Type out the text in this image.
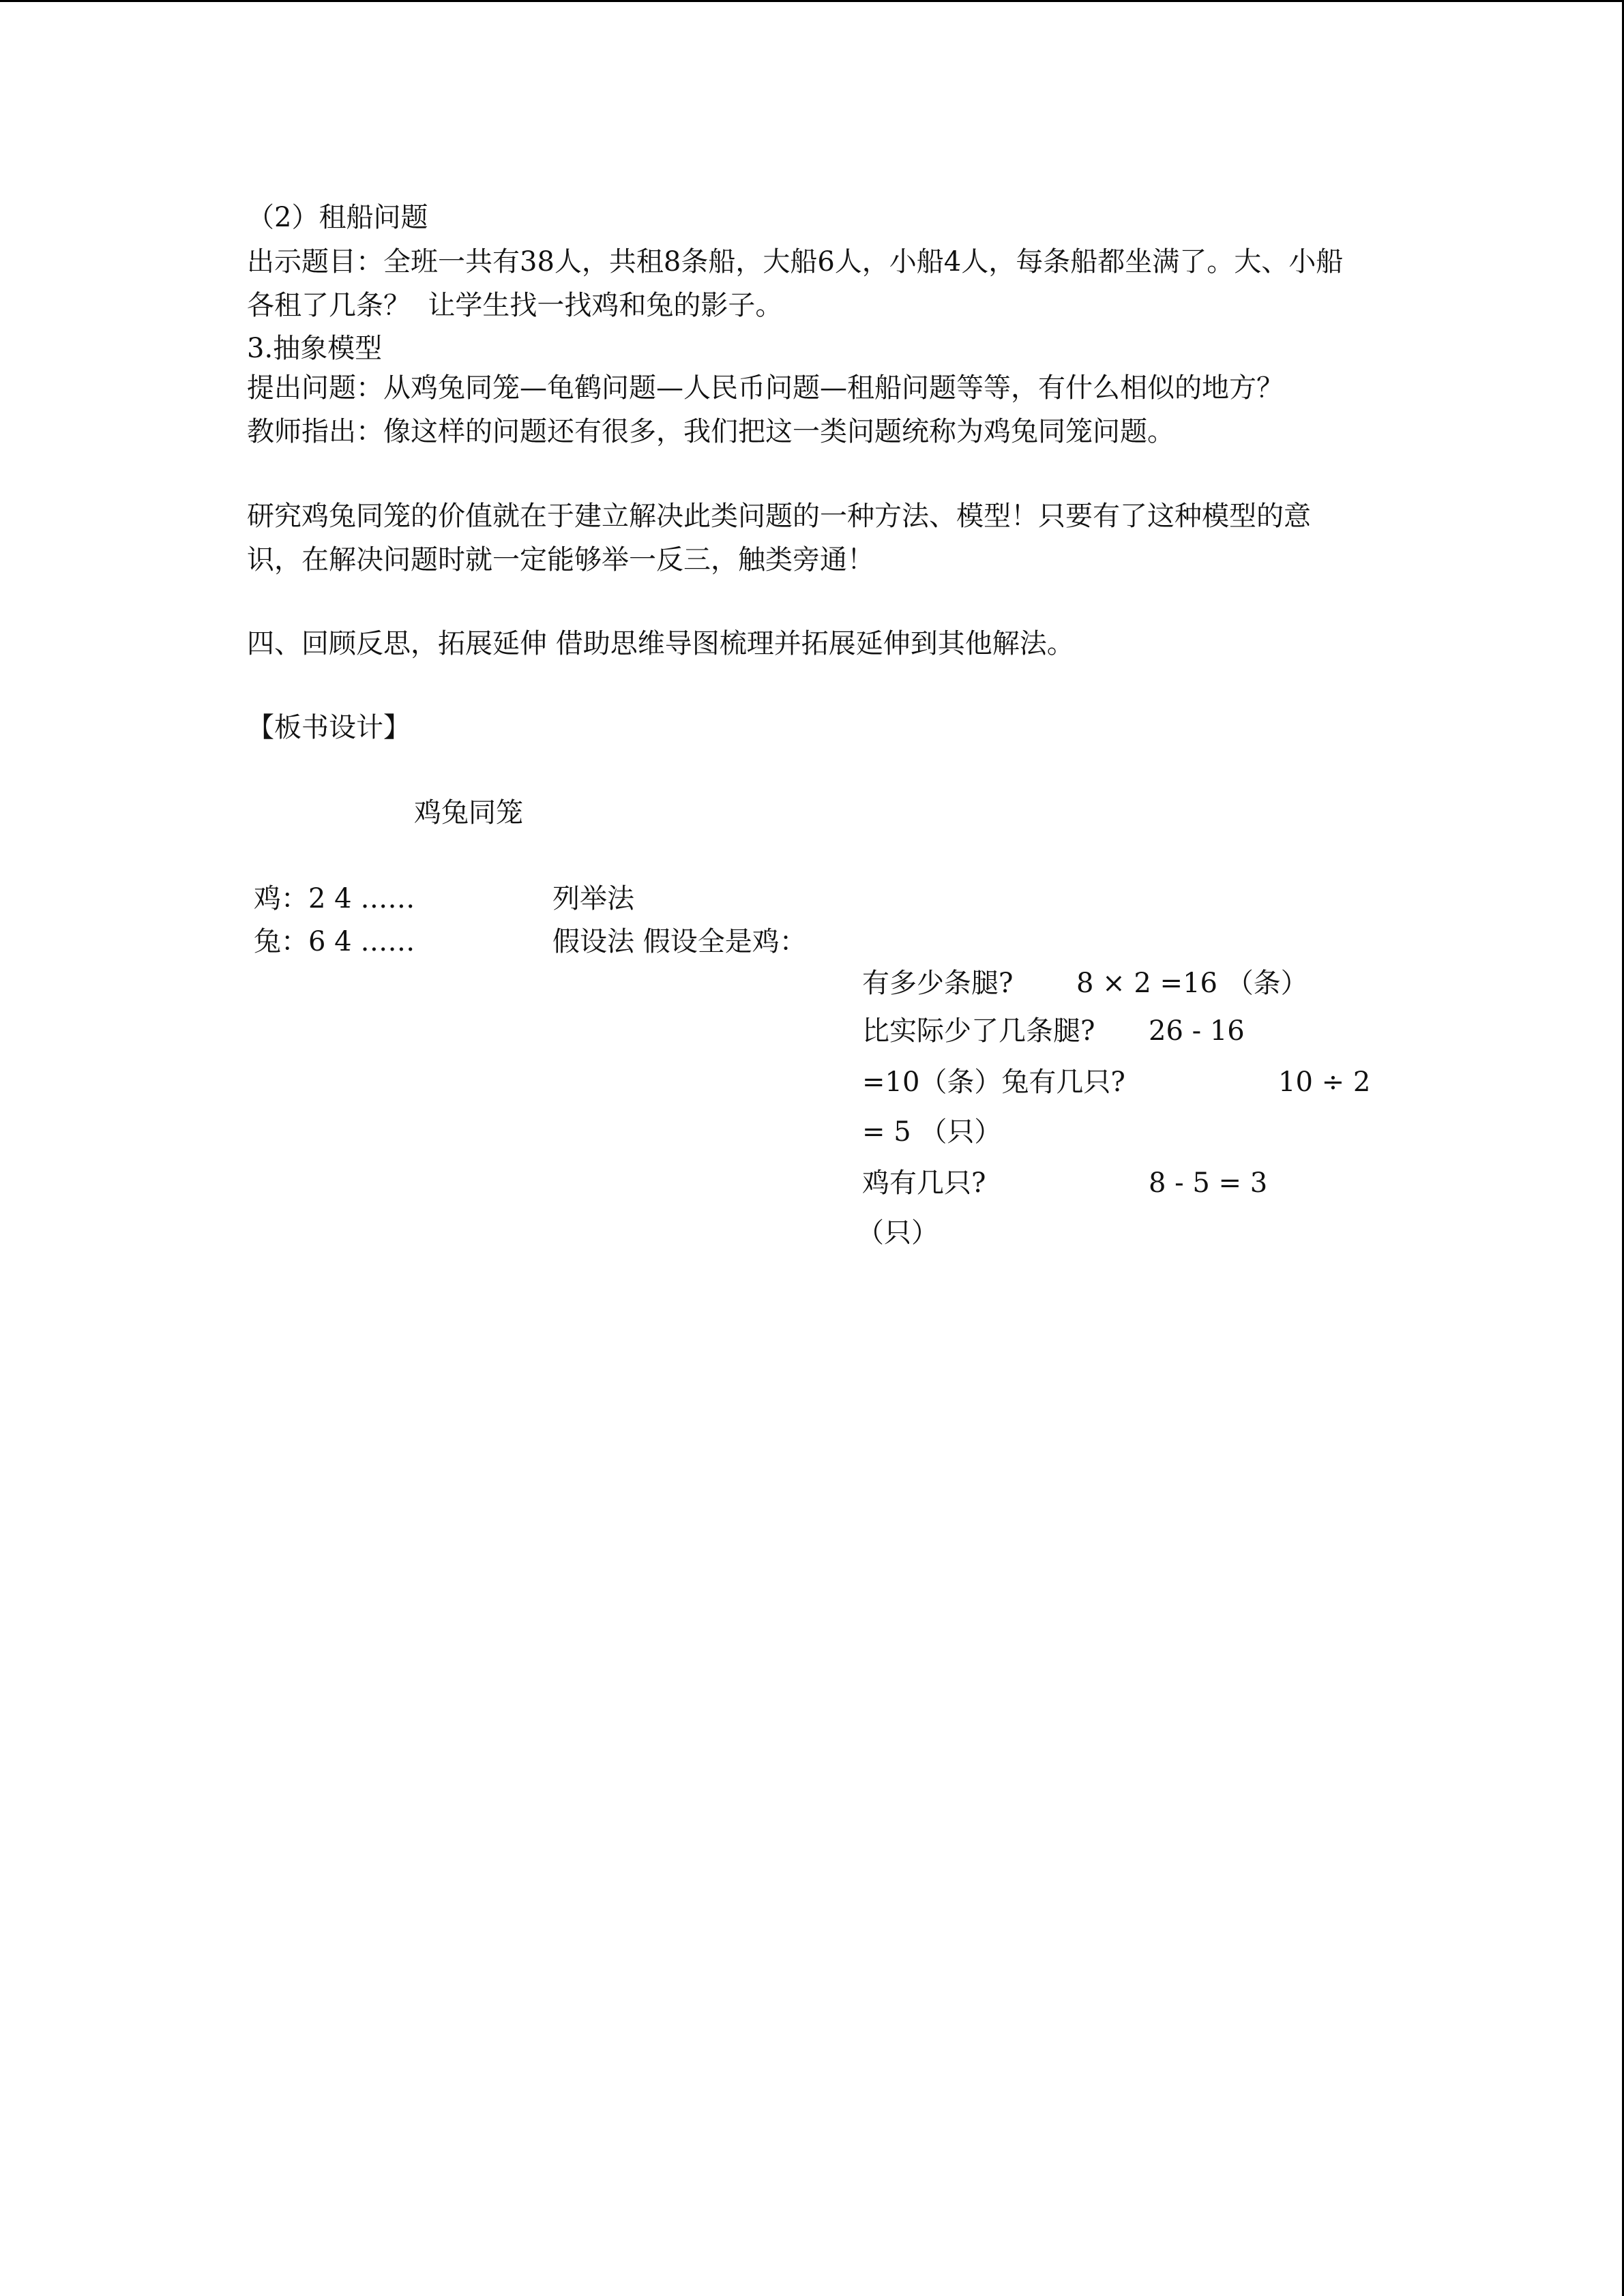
（2）租船问题
出示题目：全班一共有38人，共租8条船，大船6人，小船4人，每条船都坐满了。大、小船
各租了几条？  让学生找一找鸡和兔的影子。
3.抽象模型
提出问题：从鸡兔同笼—龟鹤问题—人民币问题—租船问题等等，有什么相似的地方？
教师指出：像这样的问题还有很多，我们把这一类问题统称为鸡兔同笼问题。
研究鸡兔同笼的价值就在于建立解决此类问题的一种方法、模型！只要有了这种模型的意
识，在解决问题时就一定能够举一反三，触类旁通！
四、回顾反思，拓展延伸 借助思维导图梳理并拓展延伸到其他解法。
【板书设计】
鸡兔同笼
鸡：2 4 ……
兔：6 4 ……
列举法
假设法 假设全是鸡：
有多少条腿? 8 × 2 =16 （条）
比实际少了几条腿? 26 - 16
=10（条）兔有几只?	10 ÷ 2
= 5 （只）
鸡有几只?	8 - 5 = 3
（只）
